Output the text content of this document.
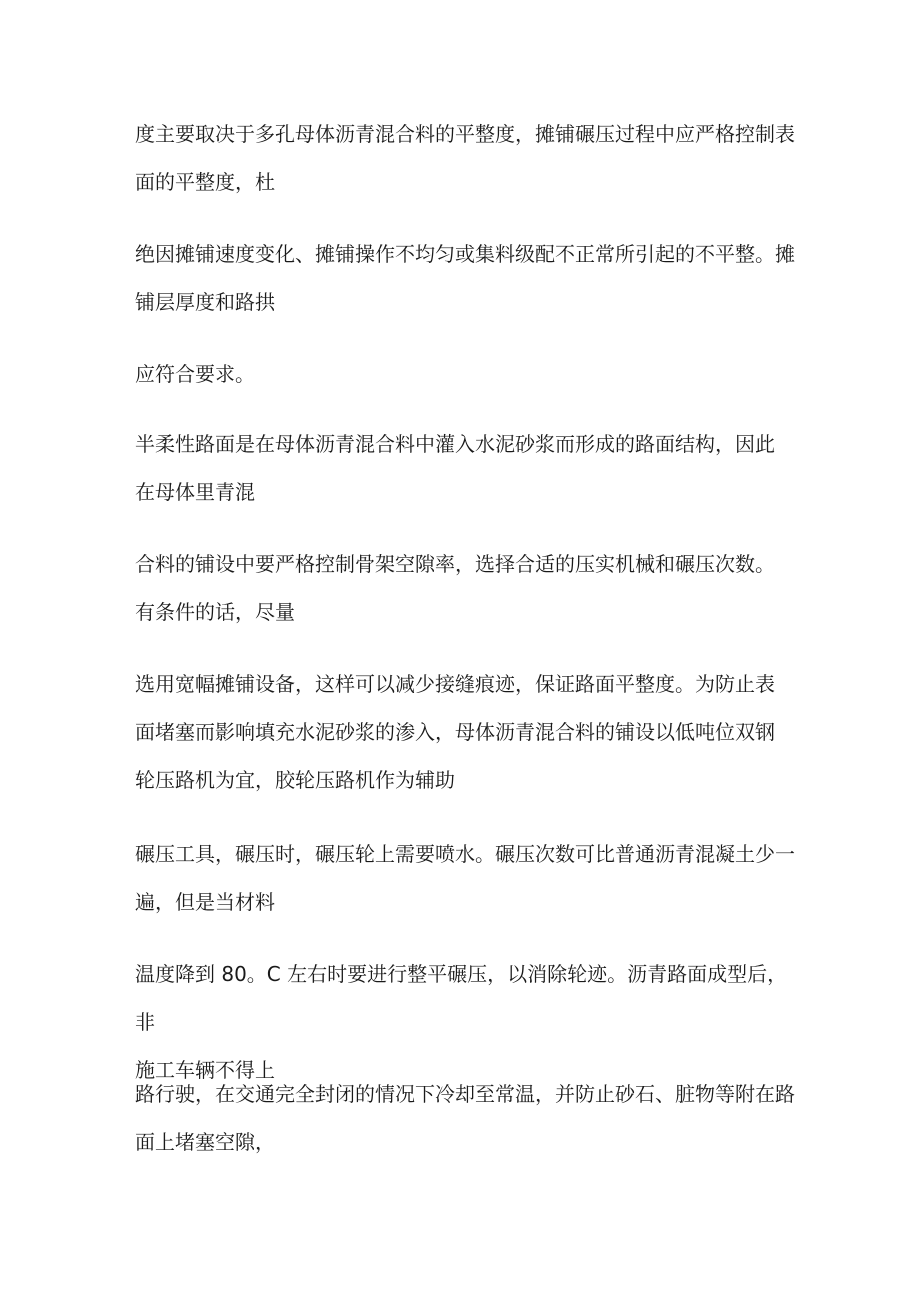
度主要取决于多孔母体沥青混合料的平整度，摊铺碾压过程中应严格控制表
面的平整度，杜

绝因摊铺速度变化、摊铺操作不均匀或集料级配不正常所引起的不平整。摊
铺层厚度和路拱

应符合要求。

半柔性路面是在母体沥青混合料中灌入水泥砂浆而形成的路面结构，因此
在母体里青混

合料的铺设中要严格控制骨架空隙率，选择合适的压实机械和碾压次数。
有条件的话，尽量

选用宽幅摊铺设备，这样可以减少接缝痕迹，保证路面平整度。为防止表
面堵塞而影响填充水泥砂浆的渗入，母体沥青混合料的铺设以低吨位双钢
轮压路机为宜，胶轮压路机作为辅助

碾压工具，碾压时，碾压轮上需要喷水。碾压次数可比普通沥青混凝土少一
遍，但是当材料

温度降到 80。C 左右时要进行整平碾压，以消除轮迹。沥青路面成型后，非
施工车辆不得上

路行驶，在交通完全封闭的情况下冷却至常温，并防止砂石、脏物等附在路
面上堵塞空隙，
